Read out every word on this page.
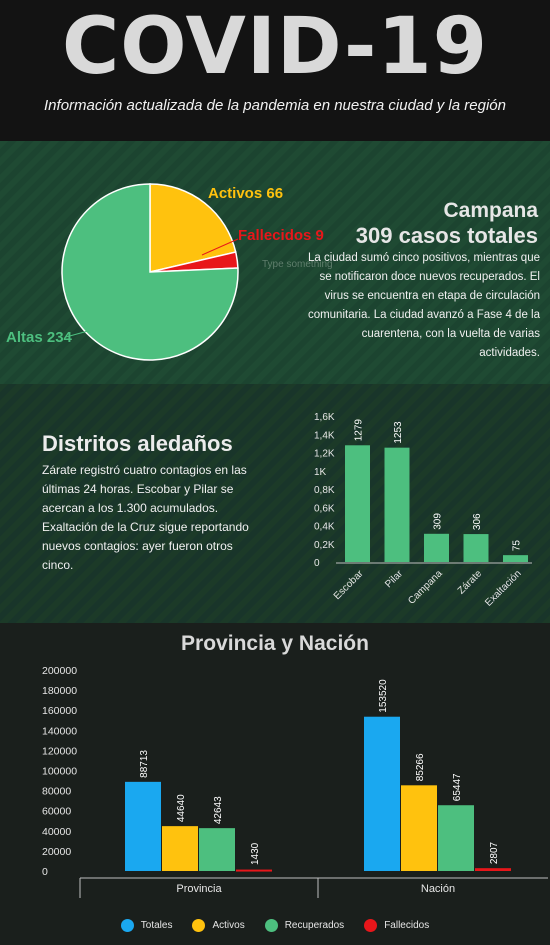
COVID-19
Información actualizada de la pandemia en nuestra ciudad y la región
Activos 66
Fallecidos 9
Altas 234
Type something
Campana
309 casos totales
La ciudad sumó cinco positivos, mientras que se notificaron doce nuevos recuperados. El virus se encuentra en etapa de circulación comunitaria. La ciudad avanzó a Fase 4 de la cuarentena, con la vuelta de varias actividades.
Distritos aledaños
Zárate registró cuatro contagios en las últimas 24 horas. Escobar y Pilar se acercan a los 1.300 acumulados. Exaltación de la Cruz sigue reportando nuevos contagios: ayer fueron otros cinco.	0
0,2K
0,4K
0,6K
0,8K
1K
1,2K
1,4K
1,6K
1279
Escobar
1253
Pilar
309
Campana
306
Zárate
75
Exaltación
Provincia y Nación
0
20000
40000
60000
80000
100000
120000
140000
160000
180000
200000
88713
44640	42643
1430
Provincia
153520
85266
65447
2807
Nación
Totales	Activos	Recuperados	Fallecidos
